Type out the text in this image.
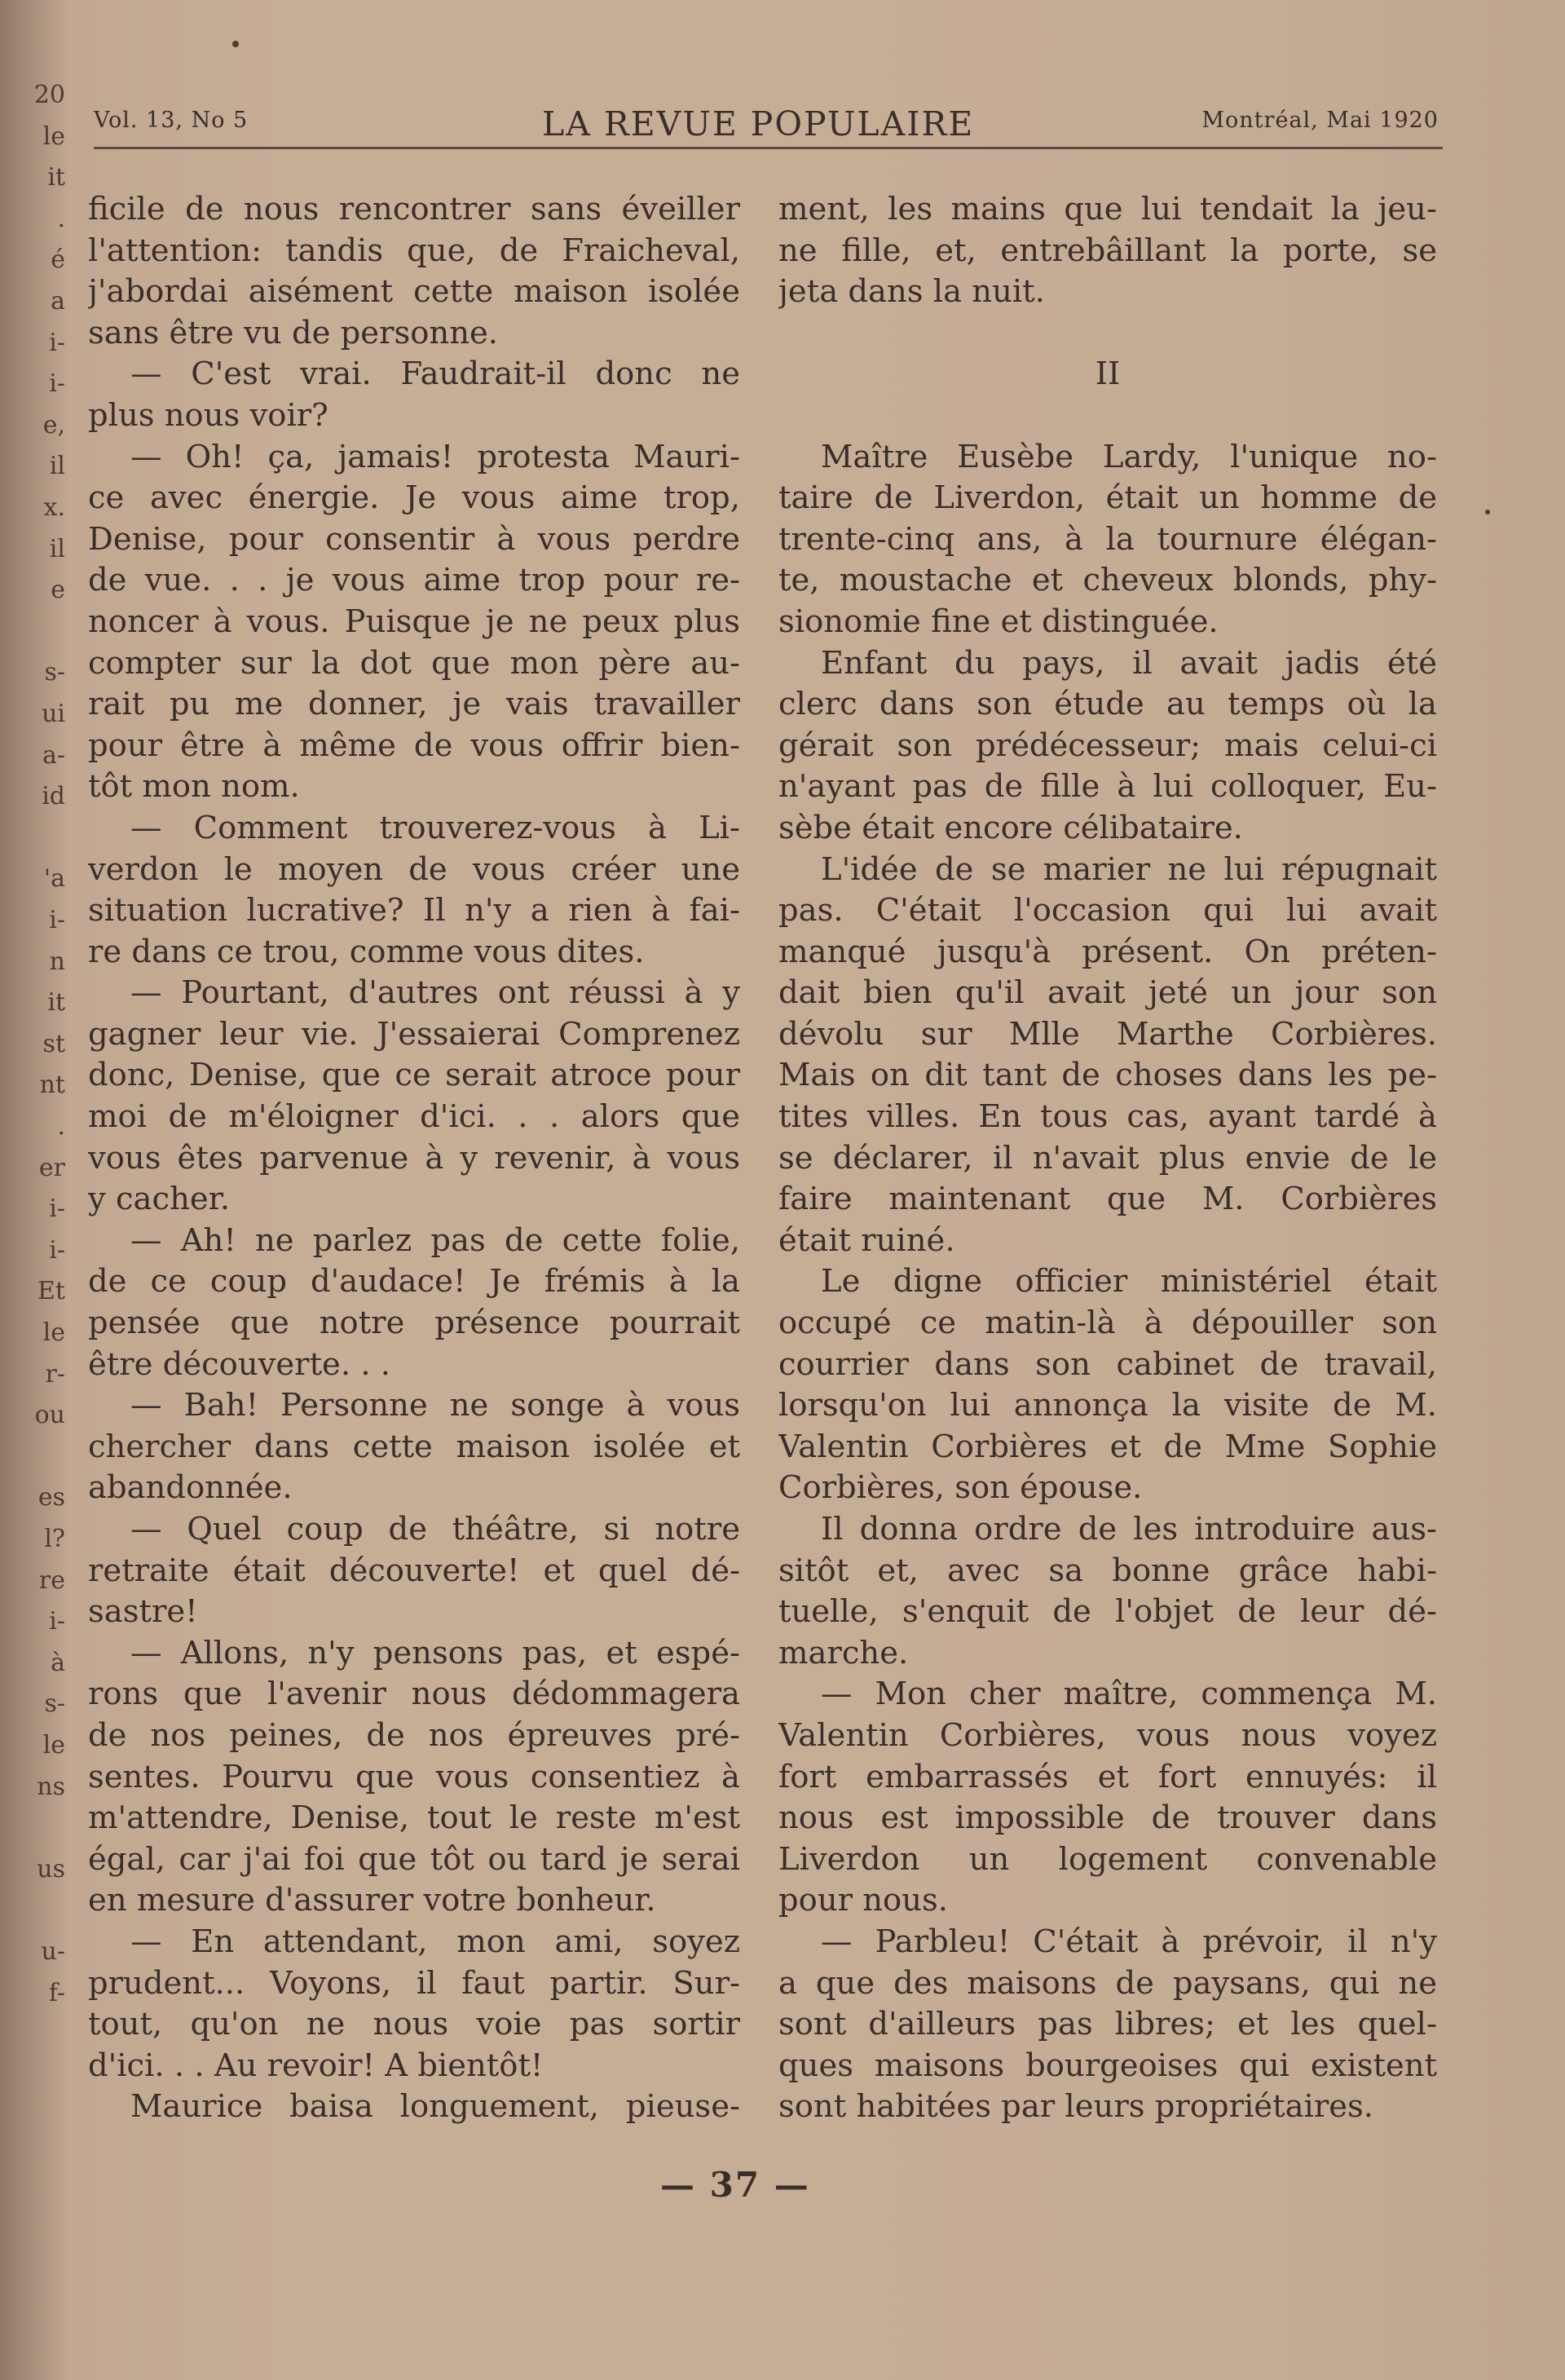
20
le
it
.
é
a
i-
i-
e,
il
x.
il
e
s-
ui
a-
id
'a
i-
n
it
st
nt
.
er
i-
i-
Et
le
r-
ou
es
l?
re
i-
à
s-
le
ns
us
u-
f-
Vol. 13, No 5	LA REVUE POPULAIRE	Montréal, Mai 1920
ficile de nous rencontrer sans éveiller
l'attention: tandis que, de Fraicheval,
j'abordai aisément cette maison isolée
sans être vu de personne.
— C'est vrai. Faudrait-il donc ne
plus nous voir?
— Oh! ça, jamais! protesta Mauri-
ce avec énergie. Je vous aime trop,
Denise, pour consentir à vous perdre
de vue. . . je vous aime trop pour re-
noncer à vous. Puisque je ne peux plus
compter sur la dot que mon père au-
rait pu me donner, je vais travailler
pour être à même de vous offrir bien-
tôt mon nom.
— Comment trouverez-vous à Li-
verdon le moyen de vous créer une
situation lucrative? Il n'y a rien à fai-
re dans ce trou, comme vous dites.
— Pourtant, d'autres ont réussi à y
gagner leur vie. J'essaierai Comprenez
donc, Denise, que ce serait atroce pour
moi de m'éloigner d'ici. . . alors que
vous êtes parvenue à y revenir, à vous
y cacher.
— Ah! ne parlez pas de cette folie,
de ce coup d'audace! Je frémis à la
pensée que notre présence pourrait
être découverte. . .
— Bah! Personne ne songe à vous
chercher dans cette maison isolée et
abandonnée.
— Quel coup de théâtre, si notre
retraite était découverte! et quel dé-
sastre!
— Allons, n'y pensons pas, et espé-
rons que l'avenir nous dédommagera
de nos peines, de nos épreuves pré-
sentes. Pourvu que vous consentiez à
m'attendre, Denise, tout le reste m'est
égal, car j'ai foi que tôt ou tard je serai
en mesure d'assurer votre bonheur.
— En attendant, mon ami, soyez
prudent... Voyons, il faut partir. Sur-
tout, qu'on ne nous voie pas sortir
d'ici. . . Au revoir! A bientôt!
Maurice baisa longuement, pieuse-
ment, les mains que lui tendait la jeu-
ne fille, et, entrebâillant la porte, se
jeta dans la nuit.
II
Maître Eusèbe Lardy, l'unique no-
taire de Liverdon, était un homme de
trente-cinq ans, à la tournure élégan-
te, moustache et cheveux blonds, phy-
sionomie fine et distinguée.
Enfant du pays, il avait jadis été
clerc dans son étude au temps où la
gérait son prédécesseur; mais celui-ci
n'ayant pas de fille à lui colloquer, Eu-
sèbe était encore célibataire.
L'idée de se marier ne lui répugnait
pas. C'était l'occasion qui lui avait
manqué jusqu'à présent. On préten-
dait bien qu'il avait jeté un jour son
dévolu sur Mlle Marthe Corbières.
Mais on dit tant de choses dans les pe-
tites villes. En tous cas, ayant tardé à
se déclarer, il n'avait plus envie de le
faire maintenant que M. Corbières
était ruiné.
Le digne officier ministériel était
occupé ce matin-là à dépouiller son
courrier dans son cabinet de travail,
lorsqu'on lui annonça la visite de M.
Valentin Corbières et de Mme Sophie
Corbières, son épouse.
Il donna ordre de les introduire aus-
sitôt et, avec sa bonne grâce habi-
tuelle, s'enquit de l'objet de leur dé-
marche.
— Mon cher maître, commença M.
Valentin Corbières, vous nous voyez
fort embarrassés et fort ennuyés: il
nous est impossible de trouver dans
Liverdon un logement convenable
pour nous.
— Parbleu! C'était à prévoir, il n'y
a que des maisons de paysans, qui ne
sont d'ailleurs pas libres; et les quel-
ques maisons bourgeoises qui existent
sont habitées par leurs propriétaires.
— 37 —
